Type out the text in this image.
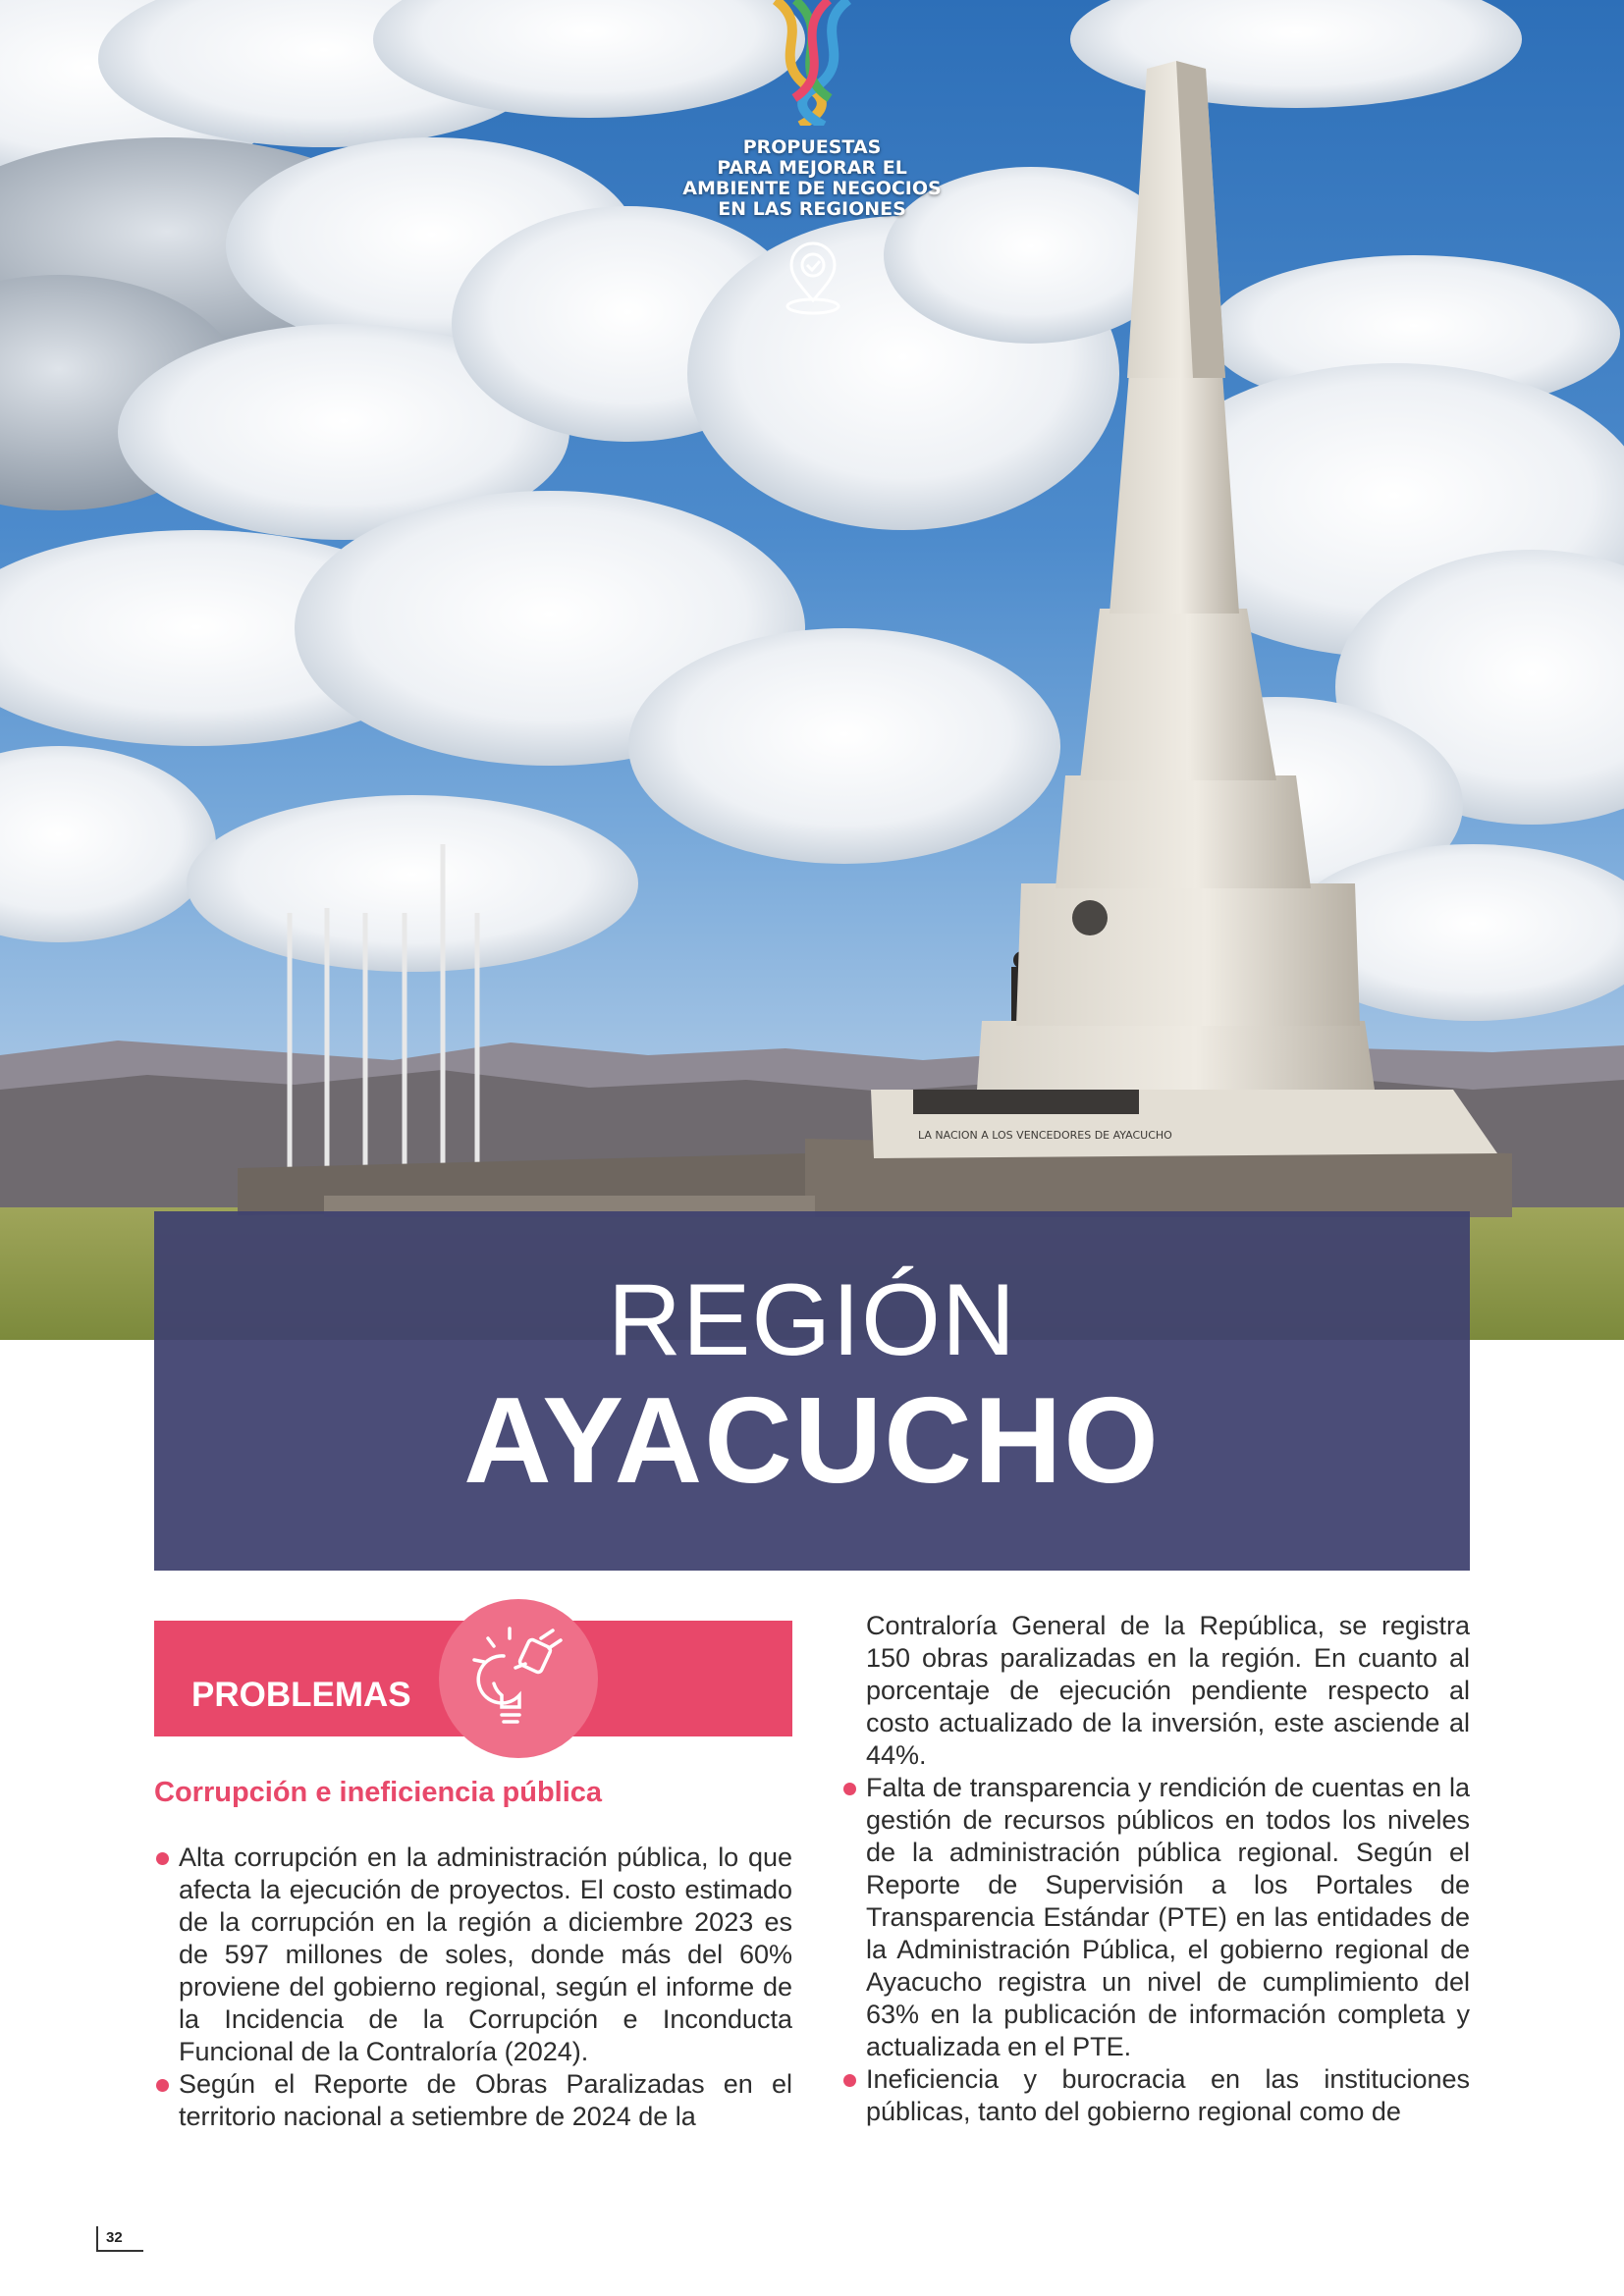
LA NACION A LOS VENCEDORES DE AYACUCHO
PROPUESTAS
PARA MEJORAR EL
AMBIENTE DE NEGOCIOS
EN LAS REGIONES
REGIÓN
AYACUCHO
PROBLEMAS
Corrupción e ineficiencia pública

Alta corrupción en la administración pública, lo que afecta la ejecución de proyectos. El costo estimado de la corrupción en la región a diciembre 2023 es de 597 millones de soles, donde más del 60% proviene del gobierno regional, según el informe de la Incidencia de la Corrupción e Inconducta Funcional de la Contraloría (2024).

Según el Reporte de Obras Paralizadas en el territorio nacional a setiembre de 2024 de la

Contraloría General de la República, se registra 150 obras paralizadas en la región. En cuanto al porcentaje de ejecución pendiente respecto al costo actualizado de la inversión, este asciende al 44%.

Falta de transparencia y rendición de cuentas en la gestión de recursos públicos en todos los niveles de la administración pública regional. Según el Reporte de Supervisión a los Portales de Transparencia Estándar (PTE) en las entidades de la Administración Pública, el gobierno regional de Ayacucho registra un nivel de cumplimiento del 63% en la publicación de información completa y actualizada en el PTE.

Ineficiencia y burocracia en las instituciones públicas, tanto del gobierno regional como de

32
